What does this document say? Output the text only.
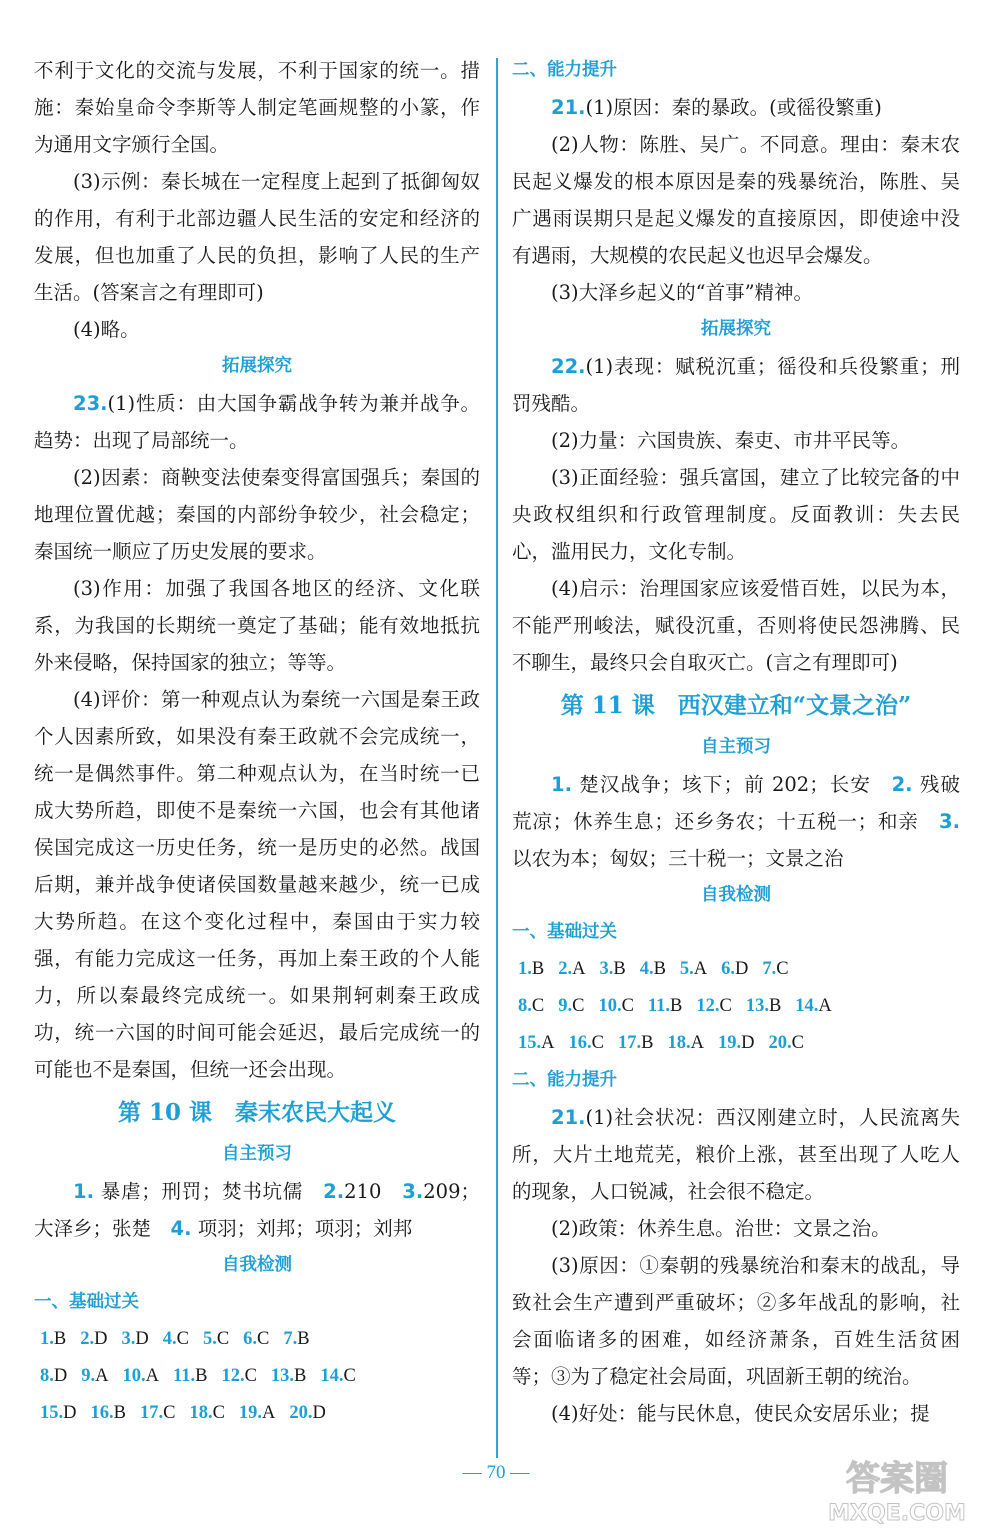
不利于文化的交流与发展，不利于国家的统一。措施：秦始皇命令李斯等人制定笔画规整的小篆，作为通用文字颁行全国。

(3)示例：秦长城在一定程度上起到了抵御匈奴的作用，有利于北部边疆人民生活的安定和经济的发展，但也加重了人民的负担，影响了人民的生产生活。(答案言之有理即可)

(4)略。

拓展探究

23.(1)性质：由大国争霸战争转为兼并战争。趋势：出现了局部统一。

(2)因素：商鞅变法使秦变得富国强兵；秦国的地理位置优越；秦国的内部纷争较少，社会稳定；秦国统一顺应了历史发展的要求。

(3)作用：加强了我国各地区的经济、文化联系，为我国的长期统一奠定了基础；能有效地抵抗外来侵略，保持国家的独立；等等。

(4)评价：第一种观点认为秦统一六国是秦王政个人因素所致，如果没有秦王政就不会完成统一，统一是偶然事件。第二种观点认为，在当时统一已成大势所趋，即使不是秦统一六国，也会有其他诸侯国完成这一历史任务，统一是历史的必然。战国后期，兼并战争使诸侯国数量越来越少，统一已成大势所趋。在这个变化过程中，秦国由于实力较强，有能力完成这一任务，再加上秦王政的个人能力，所以秦最终完成统一。如果荆轲刺秦王政成功，统一六国的时间可能会延迟，最后完成统一的可能也不是秦国，但统一还会出现。

第 10 课　秦末农民大起义

自主预习

1. 暴虐；刑罚；焚书坑儒　2.210　3.209；大泽乡；张楚　4. 项羽；刘邦；项羽；刘邦

自我检测

一、基础过关

1.B 2.D 3.D 4.C 5.C 6.C 7.B

8.D 9.A 10.A 11.B 12.C 13.B 14.C

15.D 16.B 17.C 18.C 19.A 20.D

二、能力提升

21.(1)原因：秦的暴政。(或徭役繁重)

(2)人物：陈胜、吴广。不同意。理由：秦末农民起义爆发的根本原因是秦的残暴统治，陈胜、吴广遇雨误期只是起义爆发的直接原因，即使途中没有遇雨，大规模的农民起义也迟早会爆发。

(3)大泽乡起义的“首事”精神。

拓展探究

22.(1)表现：赋税沉重；徭役和兵役繁重；刑罚残酷。

(2)力量：六国贵族、秦吏、市井平民等。

(3)正面经验：强兵富国，建立了比较完备的中央政权组织和行政管理制度。反面教训：失去民心，滥用民力，文化专制。

(4)启示：治理国家应该爱惜百姓，以民为本，不能严刑峻法，赋役沉重，否则将使民怨沸腾、民不聊生，最终只会自取灭亡。(言之有理即可)

第 11 课　西汉建立和“文景之治”

自主预习

1. 楚汉战争；垓下；前 202；长安　2. 残破荒凉；休养生息；还乡务农；十五税一；和亲　3. 以农为本；匈奴；三十税一；文景之治

自我检测

一、基础过关

1.B 2.A 3.B 4.B 5.A 6.D 7.C

8.C 9.C 10.C 11.B 12.C 13.B 14.A

15.A 16.C 17.B 18.A 19.D 20.C

二、能力提升

21.(1)社会状况：西汉刚建立时，人民流离失所，大片土地荒芜，粮价上涨，甚至出现了人吃人的现象，人口锐减，社会很不稳定。

(2)政策：休养生息。治世：文景之治。

(3)原因：①秦朝的残暴统治和秦末的战乱，导致社会生产遭到严重破坏；②多年战乱的影响，社会面临诸多的困难，如经济萧条，百姓生活贫困等；③为了稳定社会局面，巩固新王朝的统治。

(4)好处：能与民休息，使民众安居乐业；提

— 70 —	答案圈
MXQE.COM
